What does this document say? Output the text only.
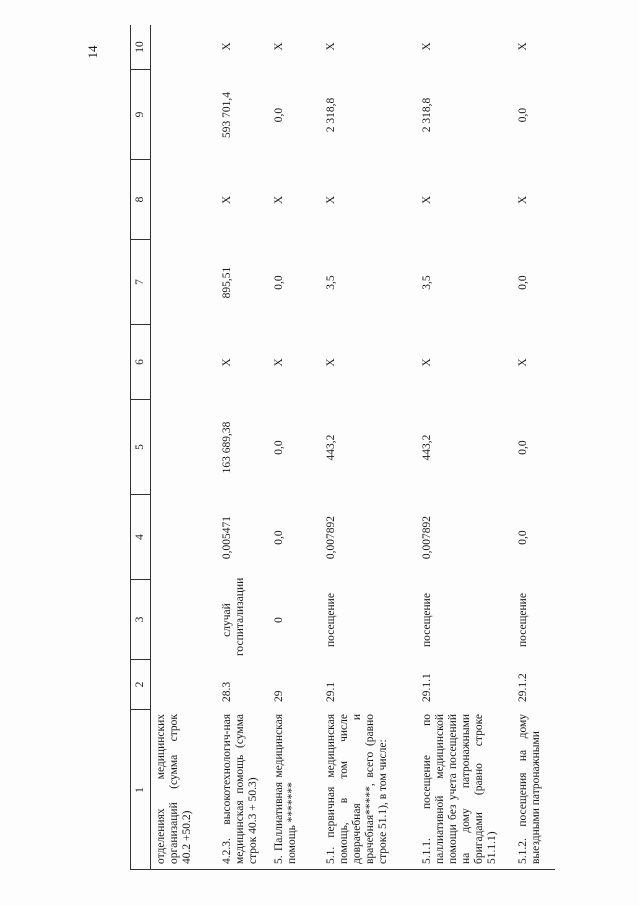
14
1
2
3
4
5
6
7
8
9
10
отделениях медицинских организаций (сумма строк 40.2 +50.2)	4.2.3. высокотехнологич-ная медицинская помощь (сумма строк 40.3 + 50.3)
28.3
случай госпитализации
0,005471
163 689,38
X
895,51
X
593 701,4
X
5. Паллиативная медицинская помощь *******
29
0
0,0
0,0
X
0,0
X
0,0
X
5.1. первичная медицинская помощь, в том числе доврачебная и врачебная*****, всего (равно строке 51.1), в том числе:
29.1
посещение
0,007892
443,2
X
3,5
X
2 318,8
X
5.1.1. посещение по паллиативной медицинской помощи без учета посещений на дому патронажными бригадами (равно строке 51.1.1)
29.1.1
посещение
0,007892
443,2
X
3,5
X
2 318,8
X
5.1.2. посещения на дому выездными патронажными
29.1.2
посещение
0,0
0,0
X
0,0
X
0,0
X
